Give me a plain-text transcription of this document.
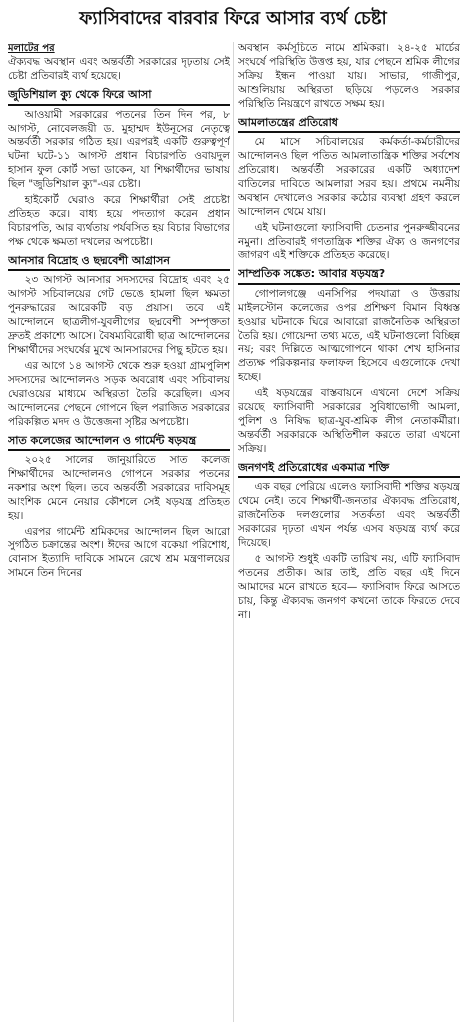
ফ্যাসিবাদের বারবার ফিরে আসার ব্যর্থ চেষ্টা
মলাটের পর

ঐক্যবদ্ধ অবস্থান এবং অন্তর্বর্তী সরকারের দৃঢ়তায় সেই চেষ্টা প্রতিবারই ব্যর্থ হয়েছে।

জুডিশিয়াল ক্যু থেকে ফিরে আসা

আওয়ামী সরকারের পতনের তিন দিন পর, ৮ আগস্ট, নোবেলজয়ী ড. মুহাম্মদ ইউনূসের নেতৃত্বে অন্তর্বর্তী সরকার গঠিত হয়। এরপরই একটি গুরুত্বপূর্ণ ঘটনা ঘটে-১১ আগস্ট প্রধান বিচারপতি ওবায়দুল হাসান ফুল কোর্ট সভা ডাকেন, যা শিক্ষার্থীদের ভাষায় ছিল "জুডিশিয়াল ক্যু"-এর চেষ্টা।

হাইকোর্ট ঘেরাও করে শিক্ষার্থীরা সেই প্রচেষ্টা প্রতিহত করে। বাধ্য হয়ে পদত্যাগ করেন প্রধান বিচারপতি, আর ব্যর্থতায় পর্যবসিত হয় বিচার বিভাগের পক্ষ থেকে ক্ষমতা দখলের অপচেষ্টা।

আনসার বিদ্রোহ ও ছদ্মবেশী আগ্রাসন

২৩ আগস্ট আনসার সদস্যদের বিদ্রোহ এবং ২৫ আগস্ট সচিবালয়ের গেট ভেঙে হামলা ছিল ক্ষমতা পুনরুদ্ধারের আরেকটি বড় প্রয়াস। তবে এই আন্দোলনে ছাত্রলীগ-যুবলীগের ছদ্মবেশী সম্পৃক্ততা দ্রুতই প্রকাশ্যে আসে। বৈষম্যবিরোধী ছাত্র আন্দোলনের শিক্ষার্থীদের সংঘর্ষের মুখে আনসারদের পিছু হটতে হয়।

এর আগে ১৪ আগস্ট থেকে শুরু হওয়া গ্রামপুলিশ সদস্যদের আন্দোলনও সড়ক অবরোধ এবং সচিবালয় ঘেরাওয়ের মাধ্যমে অস্থিরতা তৈরি করেছিল। এসব আন্দোলনের পেছনে গোপনে ছিল পরাজিত সরকারের পরিকল্পিত মদদ ও উত্তেজনা সৃষ্টির অপচেষ্টা।

সাত কলেজের আন্দোলন ও গার্মেন্ট ষড়যন্ত্র

২০২৫ সালের জানুয়ারিতে সাত কলেজ শিক্ষার্থীদের আন্দোলনও গোপনে সরকার পতনের নকশার অংশ ছিল। তবে অন্তর্বর্তী সরকারের দাবিসমূহ আংশিক মেনে নেয়ার কৌশলে সেই ষড়যন্ত্র প্রতিহত হয়।

এরপর গার্মেন্ট শ্রমিকদের আন্দোলন ছিল আরো সুগঠিত চক্রান্তের অংশ। ঈদের আগে বকেয়া পরিশোধ, বোনাস ইত্যাদি দাবিকে সামনে রেখে শ্রম মন্ত্রণালয়ের সামনে তিন দিনের

অবস্থান কর্মসূচিতে নামে শ্রমিকরা। ২৪-২৫ মার্চের সংঘর্ষে পরিস্থিতি উত্তপ্ত হয়, যার পেছনে শ্রমিক লীগের সক্রিয় ইন্ধন পাওয়া যায়। সাভার, গাজীপুর, আশুলিয়ায় অস্থিরতা ছড়িয়ে পড়লেও সরকার পরিস্থিতি নিয়ন্ত্রণে রাখতে সক্ষম হয়।

আমলাতন্ত্রের প্রতিরোধ

মে মাসে সচিবালয়ের কর্মকর্তা-কর্মচারীদের আন্দোলনও ছিল পতিত আমলাতান্ত্রিক শক্তির সর্বশেষ প্রতিরোধ। অন্তর্বর্তী সরকারের একটি অধ্যাদেশ বাতিলের দাবিতে আমলারা সরব হয়। প্রথমে নমনীয় অবস্থান দেখালেও সরকার কঠোর ব্যবস্থা গ্রহণ করলে আন্দোলন থেমে যায়।

এই ঘটনাগুলো ফ্যাসিবাদী চেতনার পুনরুজ্জীবনের নমুনা। প্রতিবারই গণতান্ত্রিক শক্তির ঐক্য ও জনগণের জাগরণ এই শক্তিকে প্রতিহত করেছে।

সাম্প্রতিক সঙ্কেত: আবার ষড়যন্ত্র?

গোপালগঞ্জে এনসিপির পদযাত্রা ও উত্তরায় মাইলস্টোন কলেজের ওপর প্রশিক্ষণ বিমান বিধ্বস্ত হওয়ার ঘটনাকে ঘিরে আবারো রাজনৈতিক অস্থিরতা তৈরি হয়। গোয়েন্দা তথ্য মতে, এই ঘটনাগুলো বিচ্ছিন্ন নয়; বরং দিল্লিতে আত্মগোপনে থাকা শেখ হাসিনার প্রত্যক্ষ পরিকল্পনার ফলাফল হিসেবে এগুলোকে দেখা হচ্ছে।

এই ষড়যন্ত্রের বাস্তবায়নে এখনো দেশে সক্রিয় রয়েছে ফ্যাসিবাদী সরকারের সুবিধাভোগী আমলা, পুলিশ ও নিষিদ্ধ ছাত্র-যুব-শ্রমিক লীগ নেতাকর্মীরা। অন্তর্বর্তী সরকারকে অস্থিতিশীল করতে তারা এখনো সক্রিয়।

জনগণই প্রতিরোধের একমাত্র শক্তি

এক বছর পেরিয়ে এলেও ফ্যাসিবাদী শক্তির ষড়যন্ত্র থেমে নেই। তবে শিক্ষার্থী-জনতার ঐক্যবদ্ধ প্রতিরোধ, রাজনৈতিক দলগুলোর সতর্কতা এবং অন্তর্বর্তী সরকারের দৃঢ়তা এখন পর্যন্ত এসব ষড়যন্ত্র ব্যর্থ করে দিয়েছে।

৫ আগস্ট শুধুই একটি তারিখ নয়, এটি ফ্যাসিবাদ পতনের প্রতীক। আর তাই, প্রতি বছর এই দিনে আমাদের মনে রাখতে হবে— ফ্যাসিবাদ ফিরে আসতে চায়, কিন্তু ঐক্যবদ্ধ জনগণ কখনো তাকে ফিরতে দেবে না।
